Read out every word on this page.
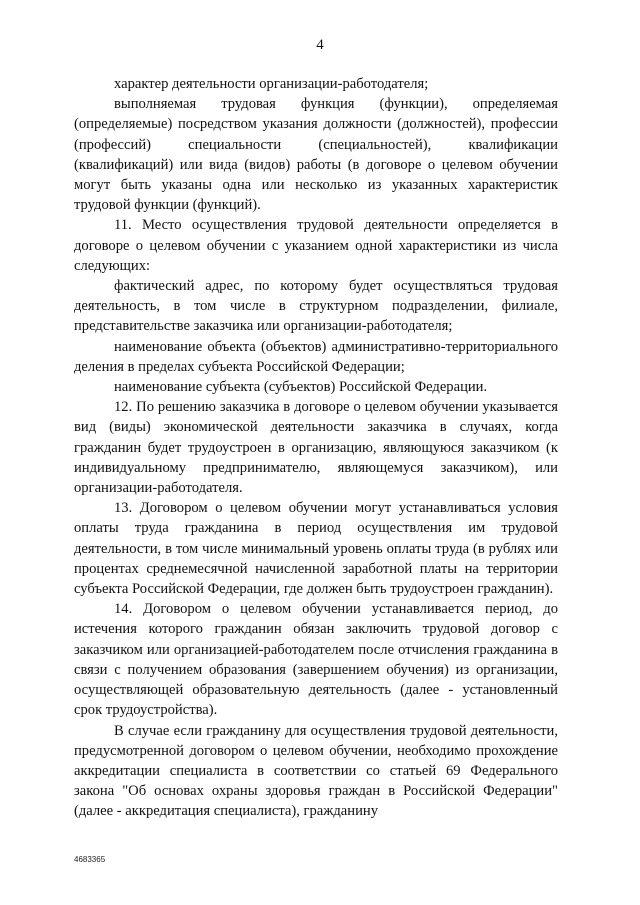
4

характер деятельности организации-работодателя;

выполняемая трудовая функция (функции), определяемая (определяемые) посредством указания должности (должностей), профессии (профессий) специальности (специальностей), квалификации (квалификаций) или вида (видов) работы (в договоре о целевом обучении могут быть указаны одна или несколько из указанных характеристик трудовой функции (функций).

11. Место осуществления трудовой деятельности определяется в договоре о целевом обучении с указанием одной характеристики из числа следующих:

фактический адрес, по которому будет осуществляться трудовая деятельность, в том числе в структурном подразделении, филиале, представительстве заказчика или организации-работодателя;

наименование объекта (объектов) административно-территориального деления в пределах субъекта Российской Федерации;

наименование субъекта (субъектов) Российской Федерации.

12. По решению заказчика в договоре о целевом обучении указывается вид (виды) экономической деятельности заказчика в случаях, когда гражданин будет трудоустроен в организацию, являющуюся заказчиком (к индивидуальному предпринимателю, являющемуся заказчиком), или организации-работодателя.

13. Договором о целевом обучении могут устанавливаться условия оплаты труда гражданина в период осуществления им трудовой деятельности, в том числе минимальный уровень оплаты труда (в рублях или процентах среднемесячной начисленной заработной платы на территории субъекта Российской Федерации, где должен быть трудоустроен гражданин).

14. Договором о целевом обучении устанавливается период, до истечения которого гражданин обязан заключить трудовой договор с заказчиком или организацией-работодателем после отчисления гражданина в связи с получением образования (завершением обучения) из организации, осуществляющей образовательную деятельность (далее - установленный срок трудоустройства).

В случае если гражданину для осуществления трудовой деятельности, предусмотренной договором о целевом обучении, необходимо прохождение аккредитации специалиста в соответствии со статьей 69 Федерального закона "Об основах охраны здоровья граждан в Российской Федерации" (далее - аккредитация специалиста), гражданину

4683365
